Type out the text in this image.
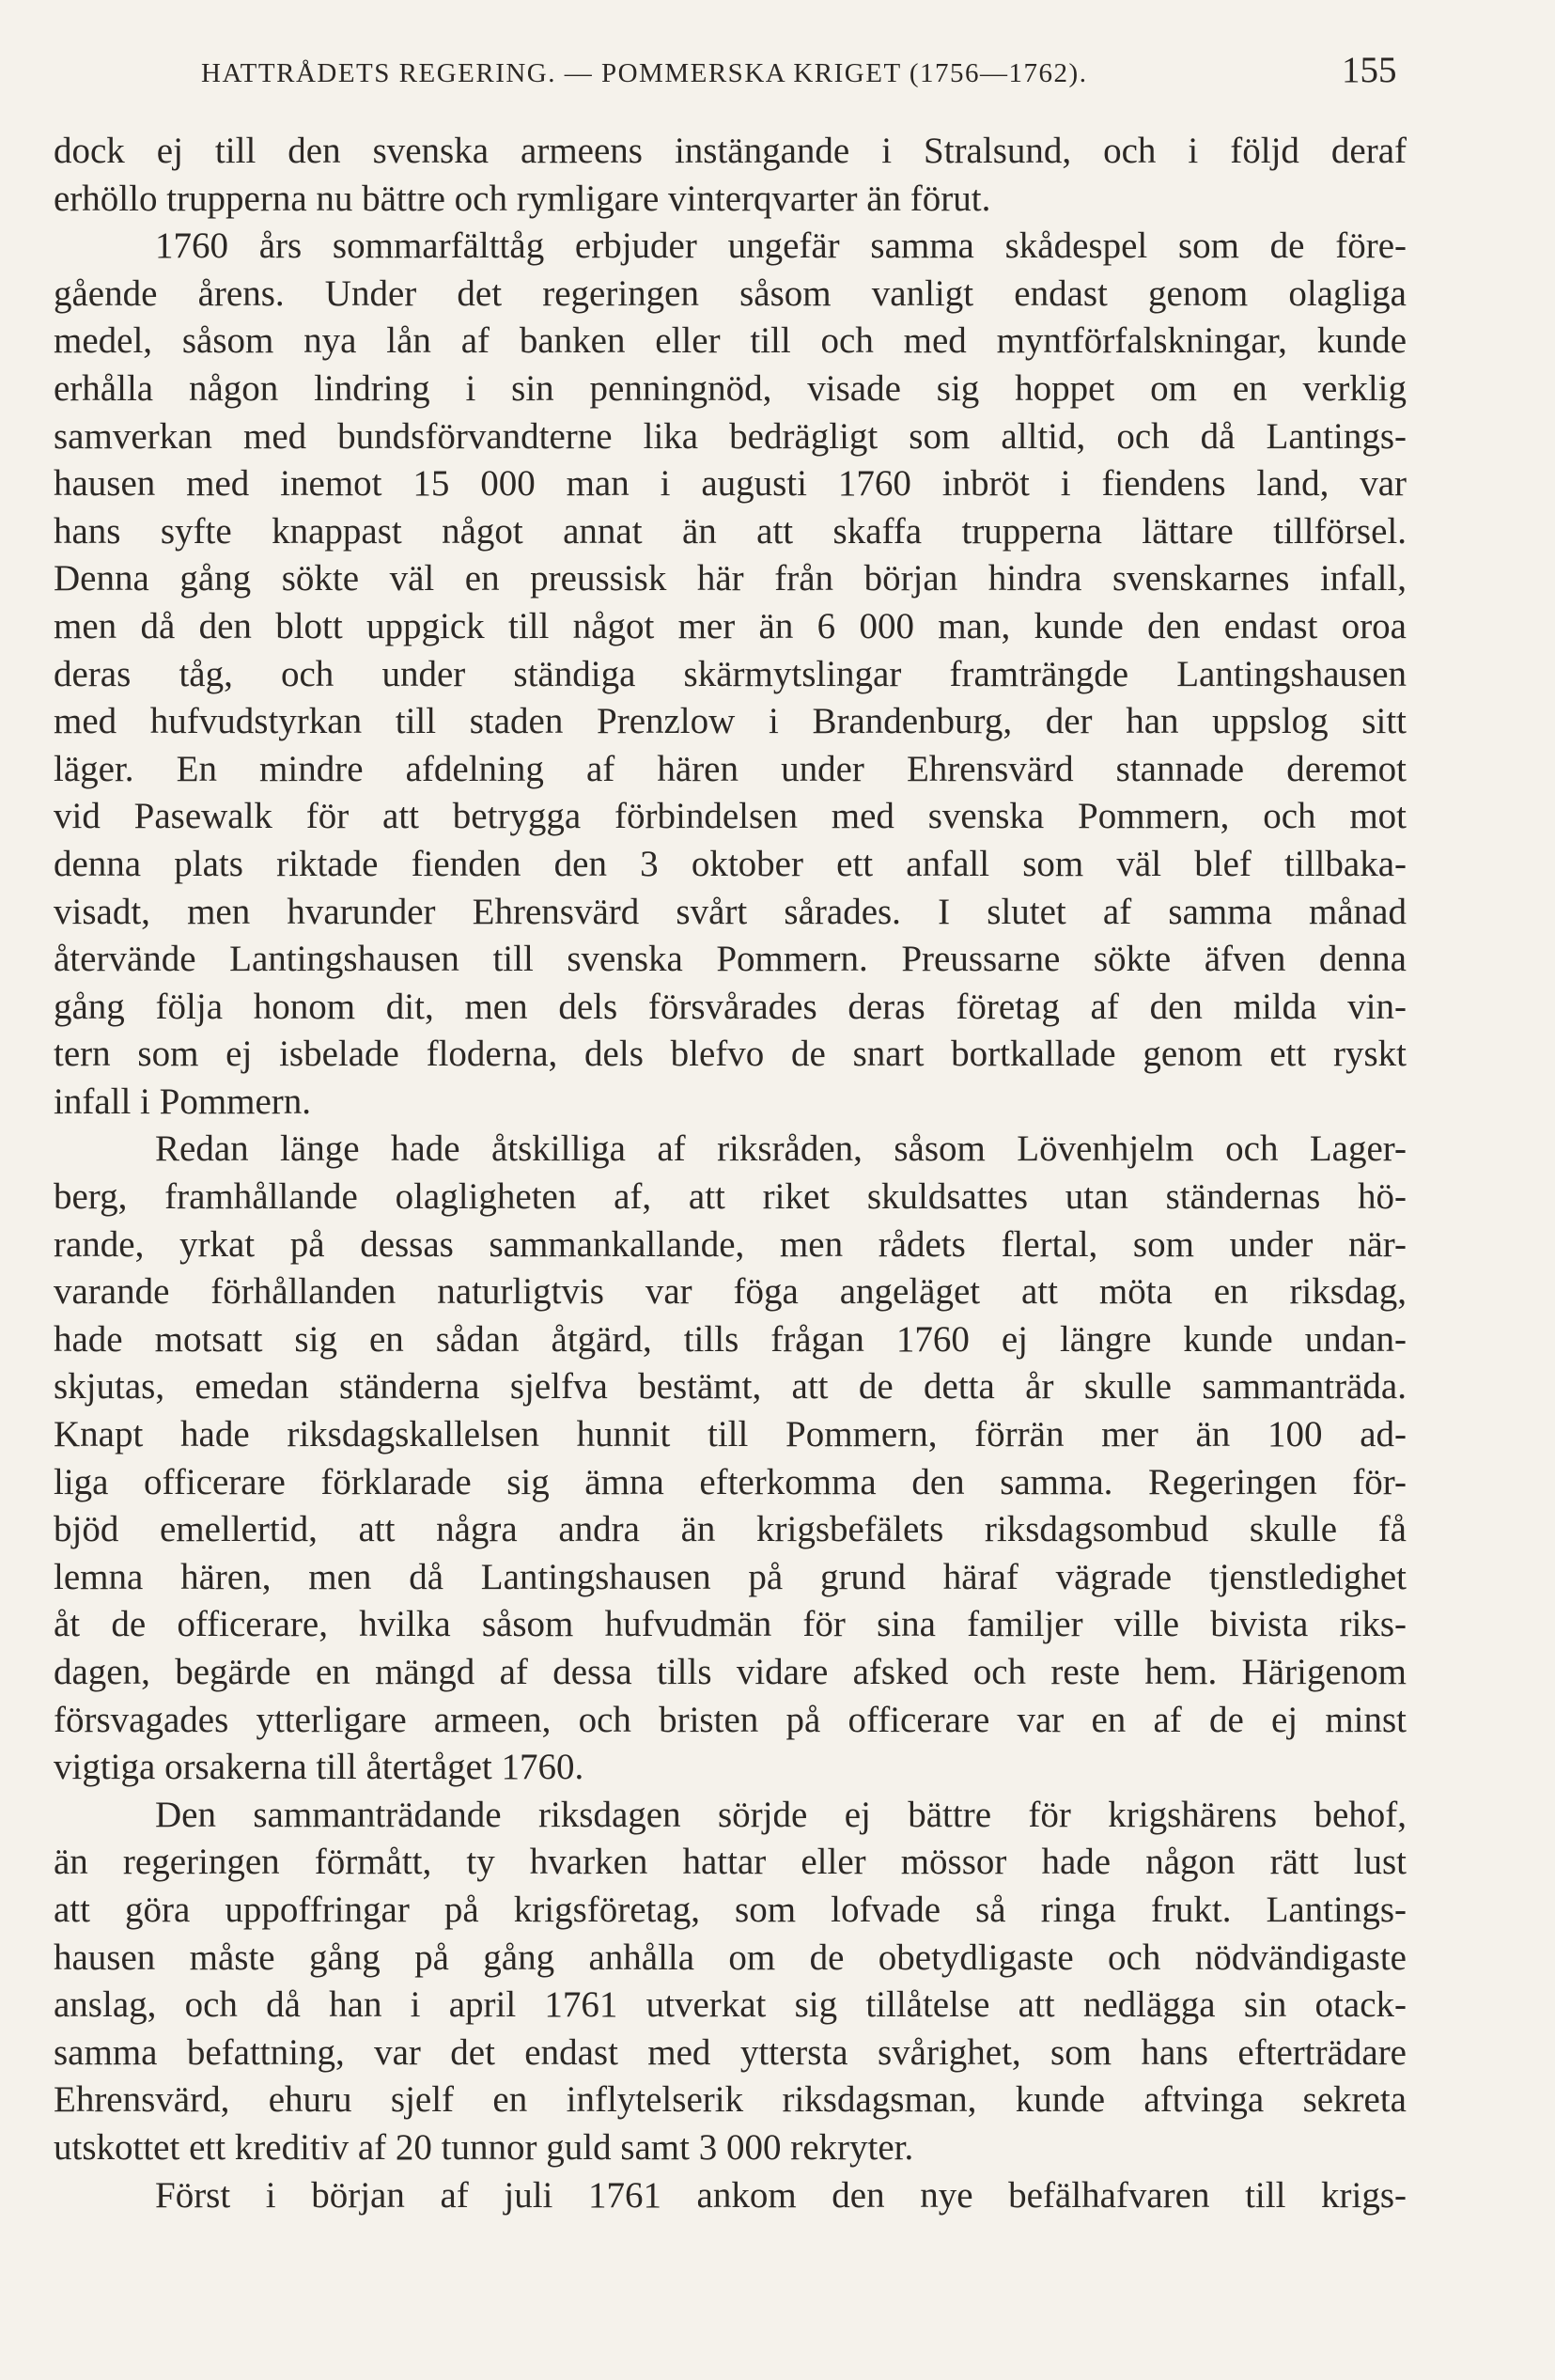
HATTRÅDETS REGERING. — POMMERSKA KRIGET (1756—1762).	155
dock ej till den svenska armeens instängande i Stralsund, och i följd deraf
erhöllo trupperna nu bättre och rymligare vinterqvarter än förut.
1760 års sommarfälttåg erbjuder ungefär samma skådespel som de före-
gående årens. Under det regeringen såsom vanligt endast genom olagliga
medel, såsom nya lån af banken eller till och med myntförfalskningar, kunde
erhålla någon lindring i sin penningnöd, visade sig hoppet om en verklig
samverkan med bundsförvandterne lika bedrägligt som alltid, och då Lantings-
hausen med inemot 15 000 man i augusti 1760 inbröt i fiendens land, var
hans syfte knappast något annat än att skaffa trupperna lättare tillförsel.
Denna gång sökte väl en preussisk här från början hindra svenskarnes infall,
men då den blott uppgick till något mer än 6 000 man, kunde den endast oroa
deras tåg, och under ständiga skärmytslingar framträngde Lantingshausen
med hufvudstyrkan till staden Prenzlow i Brandenburg, der han uppslog sitt
läger. En mindre afdelning af hären under Ehrensvärd stannade deremot
vid Pasewalk för att betrygga förbindelsen med svenska Pommern, och mot
denna plats riktade fienden den 3 oktober ett anfall som väl blef tillbaka-
visadt, men hvarunder Ehrensvärd svårt sårades. I slutet af samma månad
återvände Lantingshausen till svenska Pommern. Preussarne sökte äfven denna
gång följa honom dit, men dels försvårades deras företag af den milda vin-
tern som ej isbelade floderna, dels blefvo de snart bortkallade genom ett ryskt
infall i Pommern.
Redan länge hade åtskilliga af riksråden, såsom Lövenhjelm och Lager-
berg, framhållande olagligheten af, att riket skuldsattes utan ständernas hö-
rande, yrkat på dessas sammankallande, men rådets flertal, som under när-
varande förhållanden naturligtvis var föga angeläget att möta en riksdag,
hade motsatt sig en sådan åtgärd, tills frågan 1760 ej längre kunde undan-
skjutas, emedan ständerna sjelfva bestämt, att de detta år skulle sammanträda.
Knapt hade riksdagskallelsen hunnit till Pommern, förrän mer än 100 ad-
liga officerare förklarade sig ämna efterkomma den samma. Regeringen för-
bjöd emellertid, att några andra än krigsbefälets riksdagsombud skulle få
lemna hären, men då Lantingshausen på grund häraf vägrade tjenstledighet
åt de officerare, hvilka såsom hufvudmän för sina familjer ville bivista riks-
dagen, begärde en mängd af dessa tills vidare afsked och reste hem. Härigenom
försvagades ytterligare armeen, och bristen på officerare var en af de ej minst
vigtiga orsakerna till återtåget 1760.
Den sammanträdande riksdagen sörjde ej bättre för krigshärens behof,
än regeringen förmått, ty hvarken hattar eller mössor hade någon rätt lust
att göra uppoffringar på krigsföretag, som lofvade så ringa frukt. Lantings-
hausen måste gång på gång anhålla om de obetydligaste och nödvändigaste
anslag, och då han i april 1761 utverkat sig tillåtelse att nedlägga sin otack-
samma befattning, var det endast med yttersta svårighet, som hans efterträdare
Ehrensvärd, ehuru sjelf en inflytelserik riksdagsman, kunde aftvinga sekreta
utskottet ett kreditiv af 20 tunnor guld samt 3 000 rekryter.
Först i början af juli 1761 ankom den nye befälhafvaren till krigs-
